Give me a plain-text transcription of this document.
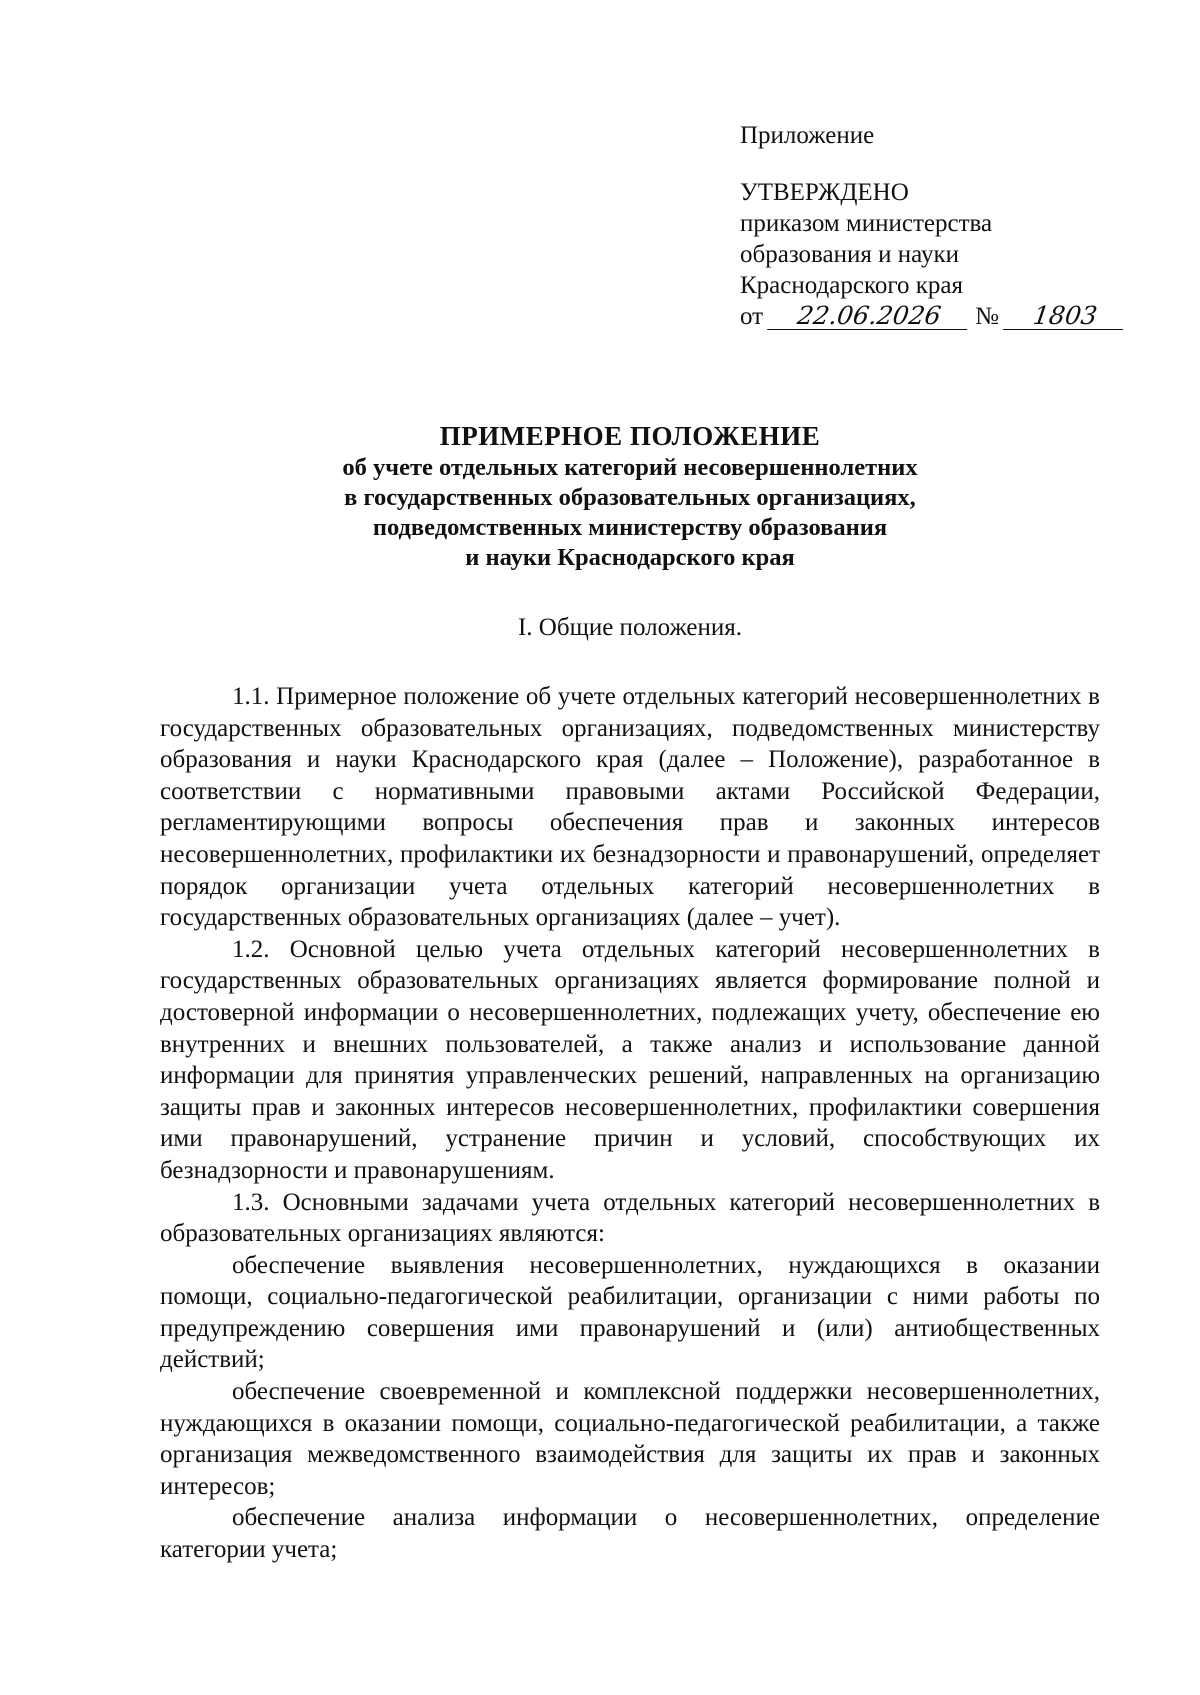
Приложение
УТВЕРЖДЕНО
приказом министерства
образования и науки
Краснодарского края
от 22.06.2026 № 1803
ПРИМЕРНОЕ ПОЛОЖЕНИЕ
об учете отдельных категорий несовершеннолетних
в государственных образовательных организациях,
подведомственных министерству образования
и науки Краснодарского края
I. Общие положения.

1.1. Примерное положение об учете отдельных категорий несовершеннолетних в государственных образовательных организациях, подведомственных министерству образования и науки Краснодарского края (далее – Положение), разработанное в соответствии с нормативными правовыми актами Российской Федерации, регламентирующими вопросы обеспечения прав и законных интересов несовершеннолетних, профилактики их безнадзорности и правонарушений, определяет порядок организации учета отдельных категорий несовершеннолетних в государственных образовательных организациях (далее – учет).

1.2. Основной целью учета отдельных категорий несовершеннолетних в государственных образовательных организациях является формирование полной и достоверной информации о несовершеннолетних, подлежащих учету, обеспечение ею внутренних и внешних пользователей, а также анализ и использование данной информации для принятия управленческих решений, направленных на организацию защиты прав и законных интересов несовершеннолетних, профилактики совершения ими правонарушений, устранение причин и условий, способствующих их безнадзорности и правонарушениям.

1.3. Основными задачами учета отдельных категорий несовершеннолетних в образовательных организациях являются:

обеспечение выявления несовершеннолетних, нуждающихся в оказании помощи, социально-педагогической реабилитации, организации с ними работы по предупреждению совершения ими правонарушений и (или) антиобщественных действий;

обеспечение своевременной и комплексной поддержки несовершеннолетних, нуждающихся в оказании помощи, социально-педагогической реабилитации, а также организация межведомственного взаимодействия для защиты их прав и законных интересов;

обеспечение анализа информации о несовершеннолетних, определение категории учета;
